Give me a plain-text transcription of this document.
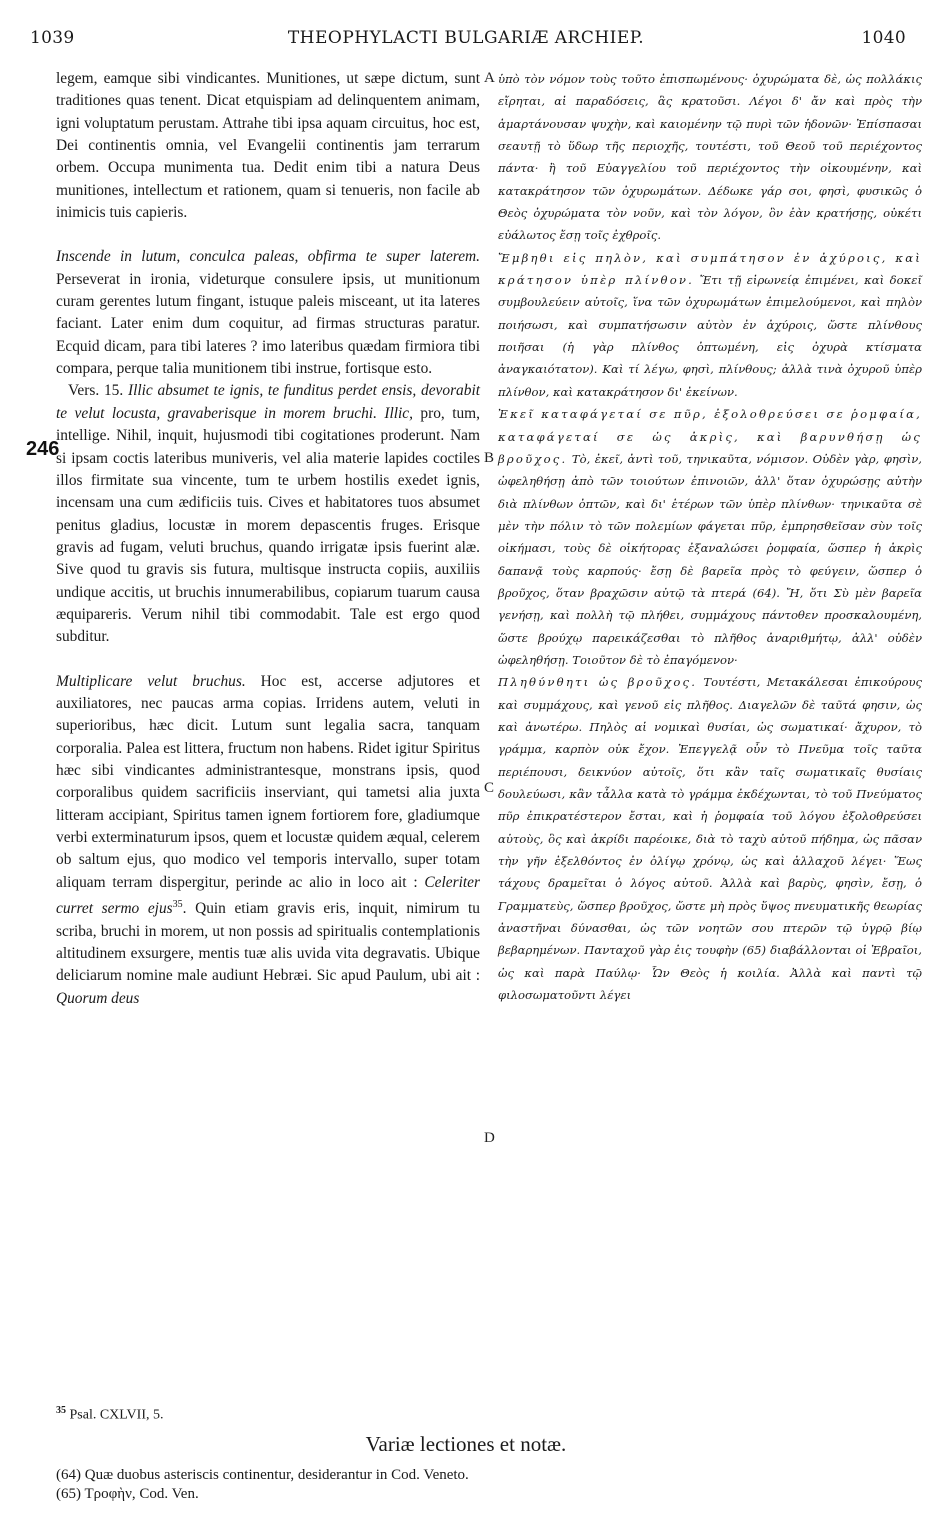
1039	THEOPHYLACTI BULGARIÆ ARCHIEP.	1040

legem, eamque sibi vindicantes. Munitiones, ut sæpe dictum, sunt traditiones quas tenent. Dicat etquispiam ad delinquentem animam, igni voluptatum perustam. Attrahe tibi ipsa aquam circuitus, hoc est, Dei continentis omnia, vel Evangelii continentis jam terrarum orbem. Occupa munimenta tua. Dedit enim tibi a natura Deus munitiones, intellectum et rationem, quam si tenueris, non facile ab inimicis tuis capieris.

Inscende in lutum, conculca paleas, obfirma te super laterem. Perseverat in ironia, videturque consulere ipsis, ut munitionum curam gerentes lutum fingant, istuque paleis misceant, ut ita lateres faciant. Later enim dum coquitur, ad firmas structuras paratur. Ecquid dicam, para tibi lateres ? imo lateribus quædam firmiora tibi compara, perque talia munitionem tibi instrue, fortisque esto.

Vers. 15. Illic absumet te ignis, te funditus perdet ensis, devorabit te velut locusta, gravaberisque in morem bruchi. Illic, pro, tum, intellige. Nihil, inquit, hujusmodi tibi cogitationes proderunt. Nam si ipsam coctis lateribus muniveris, vel alia materie lapides coctiles illos firmitate sua vincente, tum te urbem hostilis exedet ignis, incensam una cum ædificiis tuis. Cives et habitatores tuos absumet penitus gladius, locustæ in morem depascentis fruges. Erisque gravis ad fugam, veluti bruchus, quando irrigatæ ipsis fuerint alæ. Sive quod tu gravis sis futura, multisque instructa copiis, auxiliis undique accitis, ut bruchis innumerabilibus, copiarum tuarum causa æquipareris. Verum nihil tibi commodabit. Tale est ergo quod subditur.

Multiplicare velut bruchus. Hoc est, accerse adjutores et auxiliatores, nec paucas arma copias. Irridens autem, veluti in superioribus, hæc dicit. Lutum sunt legalia sacra, tanquam corporalia. Palea est littera, fructum non habens. Ridet igitur Spiritus hæc sibi vindicantes administrantesque, monstrans ipsis, quod corporalibus quidem sacrificiis inserviant, qui tametsi alia juxta litteram accipiant, Spiritus tamen ignem fortiorem fore, gladiumque verbi exterminaturum ipsos, quem et locustæ quidem æqual, celerem ob saltum ejus, quo modico vel temporis intervallo, super totam aliquam terram dispergitur, perinde ac alio in loco ait : Celeriter curret sermo ejus$^{35}$. Quin etiam gravis eris, inquit, nimirum tu scriba, bruchi in morem, ut non possis ad spiritualis contemplationis altitudinem exsurgere, mentis tuæ alis uvida vita degravatis. Ubique deliciarum nomine male audiunt Hebræi. Sic apud Paulum, ubi ait : Quorum deus

ὑπὸ τὸν νόμον τοὺς τοῦτο ἐπισπωμένους· ὀχυρώματα δὲ, ὡς πολλάκις εἴρηται, αἱ παραδόσεις, ἃς κρατοῦσι. Λέγοι δ' ἄν καὶ πρὸς τὴν ἁμαρτάνουσαν ψυχὴν, καὶ καιομένην τῷ πυρὶ τῶν ἡδονῶν· Ἐπίσπασαι σεαυτῇ τὸ ὕδωρ τῆς περιοχῆς, τουτέστι, τοῦ Θεοῦ τοῦ περιέχοντος πάντα· ἢ τοῦ Εὐαγγελίου τοῦ περιέχοντος τὴν οἰκουμένην, καὶ κατακράτησον τῶν ὀχυρωμάτων. Δέδωκε γάρ σοι, φησὶ, φυσικῶς ὁ Θεὸς ὀχυρώματα τὸν νοῦν, καὶ τὸν λόγον, ὃν ἐὰν κρατήσῃς, οὐκέτι εὐάλωτος ἔσῃ τοῖς ἐχθροῖς.

Ἔμβηθι εἰς πηλὸν, καὶ συμπάτησον ἐν ἀχύροις, καὶ κράτησον ὑπὲρ πλίνθον. Ἔτι τῇ εἰρωνείᾳ ἐπιμένει, καὶ δοκεῖ συμβουλεύειν αὐτοῖς, ἵνα τῶν ὀχυρωμάτων ἐπιμελούμενοι, καὶ πηλὸν ποιήσωσι, καὶ συμπατήσωσιν αὐτὸν ἐν ἀχύροις, ὥστε πλίνθους ποιῆσαι (ἡ γὰρ πλίνθος ὀπτωμένη, εἰς ὀχυρὰ κτίσματα ἀναγκαιότατον). Καὶ τί λέγω, φησὶ, πλίνθους; ἀλλὰ τινὰ ὀχυροῦ ὑπὲρ πλίνθον, καὶ κατακράτησον δι' ἐκείνων.

Ἐκεῖ καταφάγεταί σε πῦρ, ἐξολοθρεύσει σε ῥομφαία, καταφάγεταί σε ὡς ἀκρὶς, καὶ βαρυνθήσῃ ὡς βροῦχος. Τὸ, ἐκεῖ, ἀντὶ τοῦ, τηνικαῦτα, νόμισον. Οὐδὲν γὰρ, φησὶν, ὠφεληθήσῃ ἀπὸ τῶν τοιούτων ἐπινοιῶν, ἀλλ' ὅταν ὀχυρώσῃς αὐτὴν διὰ πλίνθων ὀπτῶν, καὶ δι' ἑτέρων τῶν ὑπὲρ πλίνθων· τηνικαῦτα σὲ μὲν τὴν πόλιν τὸ τῶν πολεμίων φάγεται πῦρ, ἐμπρησθεῖσαν σὺν τοῖς οἰκήμασι, τοὺς δὲ οἰκήτορας ἐξαναλώσει ῥομφαία, ὥσπερ ἡ ἀκρὶς δαπανᾷ τοὺς καρπούς· ἔσῃ δὲ βαρεῖα πρὸς τὸ φεύγειν, ὥσπερ ὁ βροῦχος, ὅταν βραχῶσιν αὐτῷ τὰ πτερά (64). Ἤ, ὅτι Σὺ μὲν βαρεῖα γενήσῃ, καὶ πολλὴ τῷ πλήθει, συμμάχους πάντοθεν προσκαλουμένη, ὥστε βρούχῳ παρεικάζεσθαι τὸ πλῆθος ἀναριθμήτῳ, ἀλλ' οὐδὲν ὠφεληθήσῃ. Τοιοῦτον δὲ τὸ ἐπαγόμενον·

Πληθύνθητι ὡς βροῦχος. Τουτέστι, Μετακάλεσαι ἐπικούρους καὶ συμμάχους, καὶ γενοῦ εἰς πλῆθος. Διαγελῶν δὲ ταῦτά φησιν, ὡς καὶ ἀνωτέρω. Πηλὸς αἱ νομικαὶ θυσίαι, ὡς σωματικαί· ἄχυρον, τὸ γράμμα, καρπὸν οὐκ ἔχον. Ἐπεγγελᾷ οὖν τὸ Πνεῦμα τοῖς ταῦτα περιέπουσι, δεικνύον αὐτοῖς, ὅτι κἂν ταῖς σωματικαῖς θυσίαις δουλεύωσι, κἂν τἆλλα κατὰ τὸ γράμμα ἐκδέχωνται, τὸ τοῦ Πνεύματος πῦρ ἐπικρατέστερον ἔσται, καὶ ἡ ῥομφαία τοῦ λόγου ἐξολοθρεύσει αὐτοὺς, ὃς καὶ ἀκρίδι παρέοικε, διὰ τὸ ταχὺ αὐτοῦ πήδημα, ὡς πᾶσαν τὴν γῆν ἐξελθόντος ἐν ὀλίγῳ χρόνῳ, ὡς καὶ ἀλλαχοῦ λέγει· Ἕως τάχους δραμεῖται ὁ λόγος αὐτοῦ. Ἀλλὰ καὶ βαρὺς, φησὶν, ἔσῃ, ὁ Γραμματεὺς, ὥσπερ βροῦχος, ὥστε μὴ πρὸς ὕψος πνευματικῆς θεωρίας ἀναστῆναι δύνασθαι, ὡς τῶν νοητῶν σου πτερῶν τῷ ὑγρῷ βίῳ βεβαρημένων. Πανταχοῦ γὰρ ἐις τουφὴν (65) διαβάλλονται οἱ Ἑβραῖοι, ὡς καὶ παρὰ Παύλῳ· Ὧν Θεὸς ἡ κοιλία. Ἀλλὰ καὶ παντὶ τῷ φιλοσωματοῦντι λέγει

A
B
C
D
246
$^{35}$ Psal. CXLVII, 5.
Variæ lectiones et notæ.

(64) Quæ duobus asteriscis continentur, desiderantur in Cod. Veneto.

(65) Τροφὴν, Cod. Ven.
